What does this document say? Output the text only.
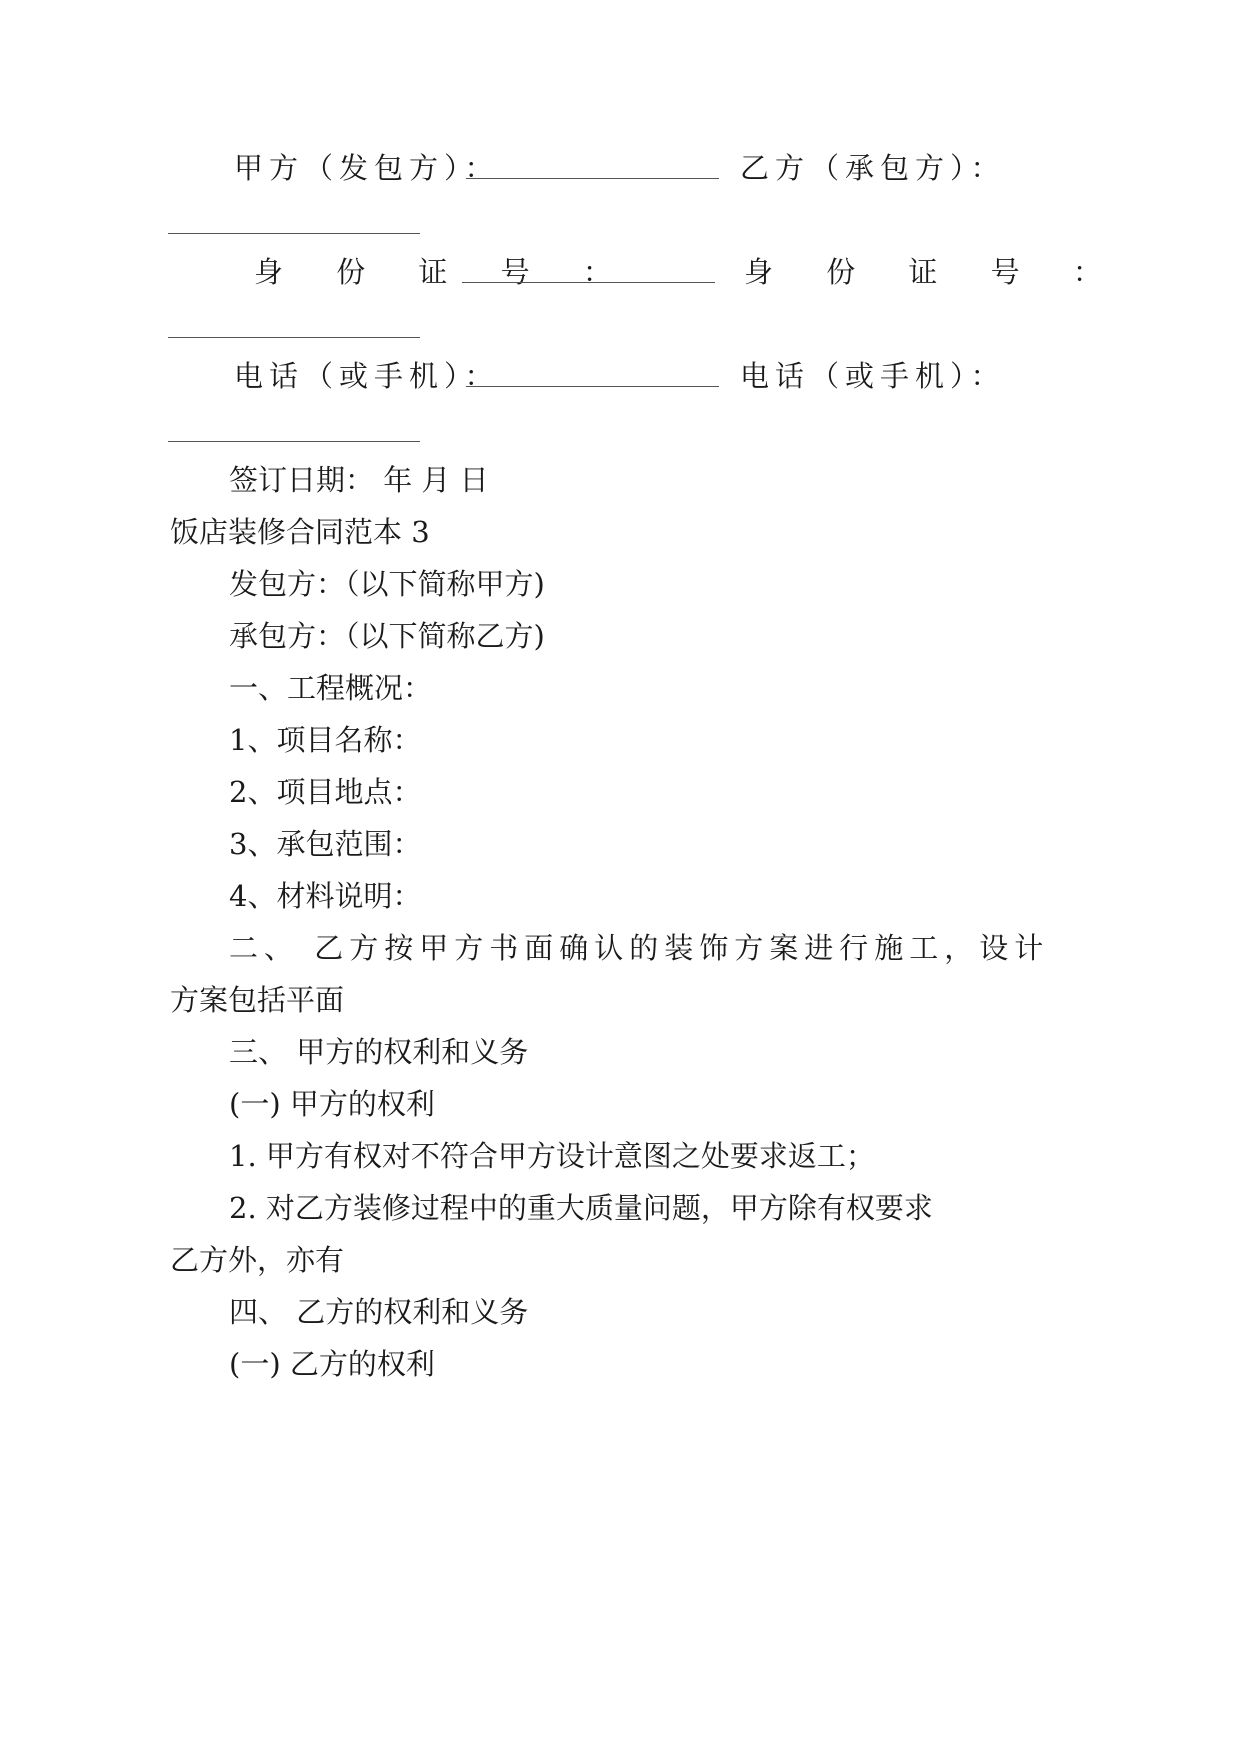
甲方（发包方）：	乙方（承包方）：
身 份 证 号 ：	身 份 证 号 ：
电话（或手机）：	电话（或手机）：
签订日期： 年 月 日
饭店装修合同范本 3
发包方：（以下简称甲方)
承包方：（以下简称乙方)
一、工程概况：
1、项目名称：
2、项目地点：
3、承包范围：
4、材料说明：
二、 乙方按甲方书面确认的装饰方案进行施工，设计
方案包括平面
三、 甲方的权利和义务
(一) 甲方的权利
1. 甲方有权对不符合甲方设计意图之处要求返工；
2. 对乙方装修过程中的重大质量问题，甲方除有权要求
乙方外，亦有
四、 乙方的权利和义务
(一) 乙方的权利
